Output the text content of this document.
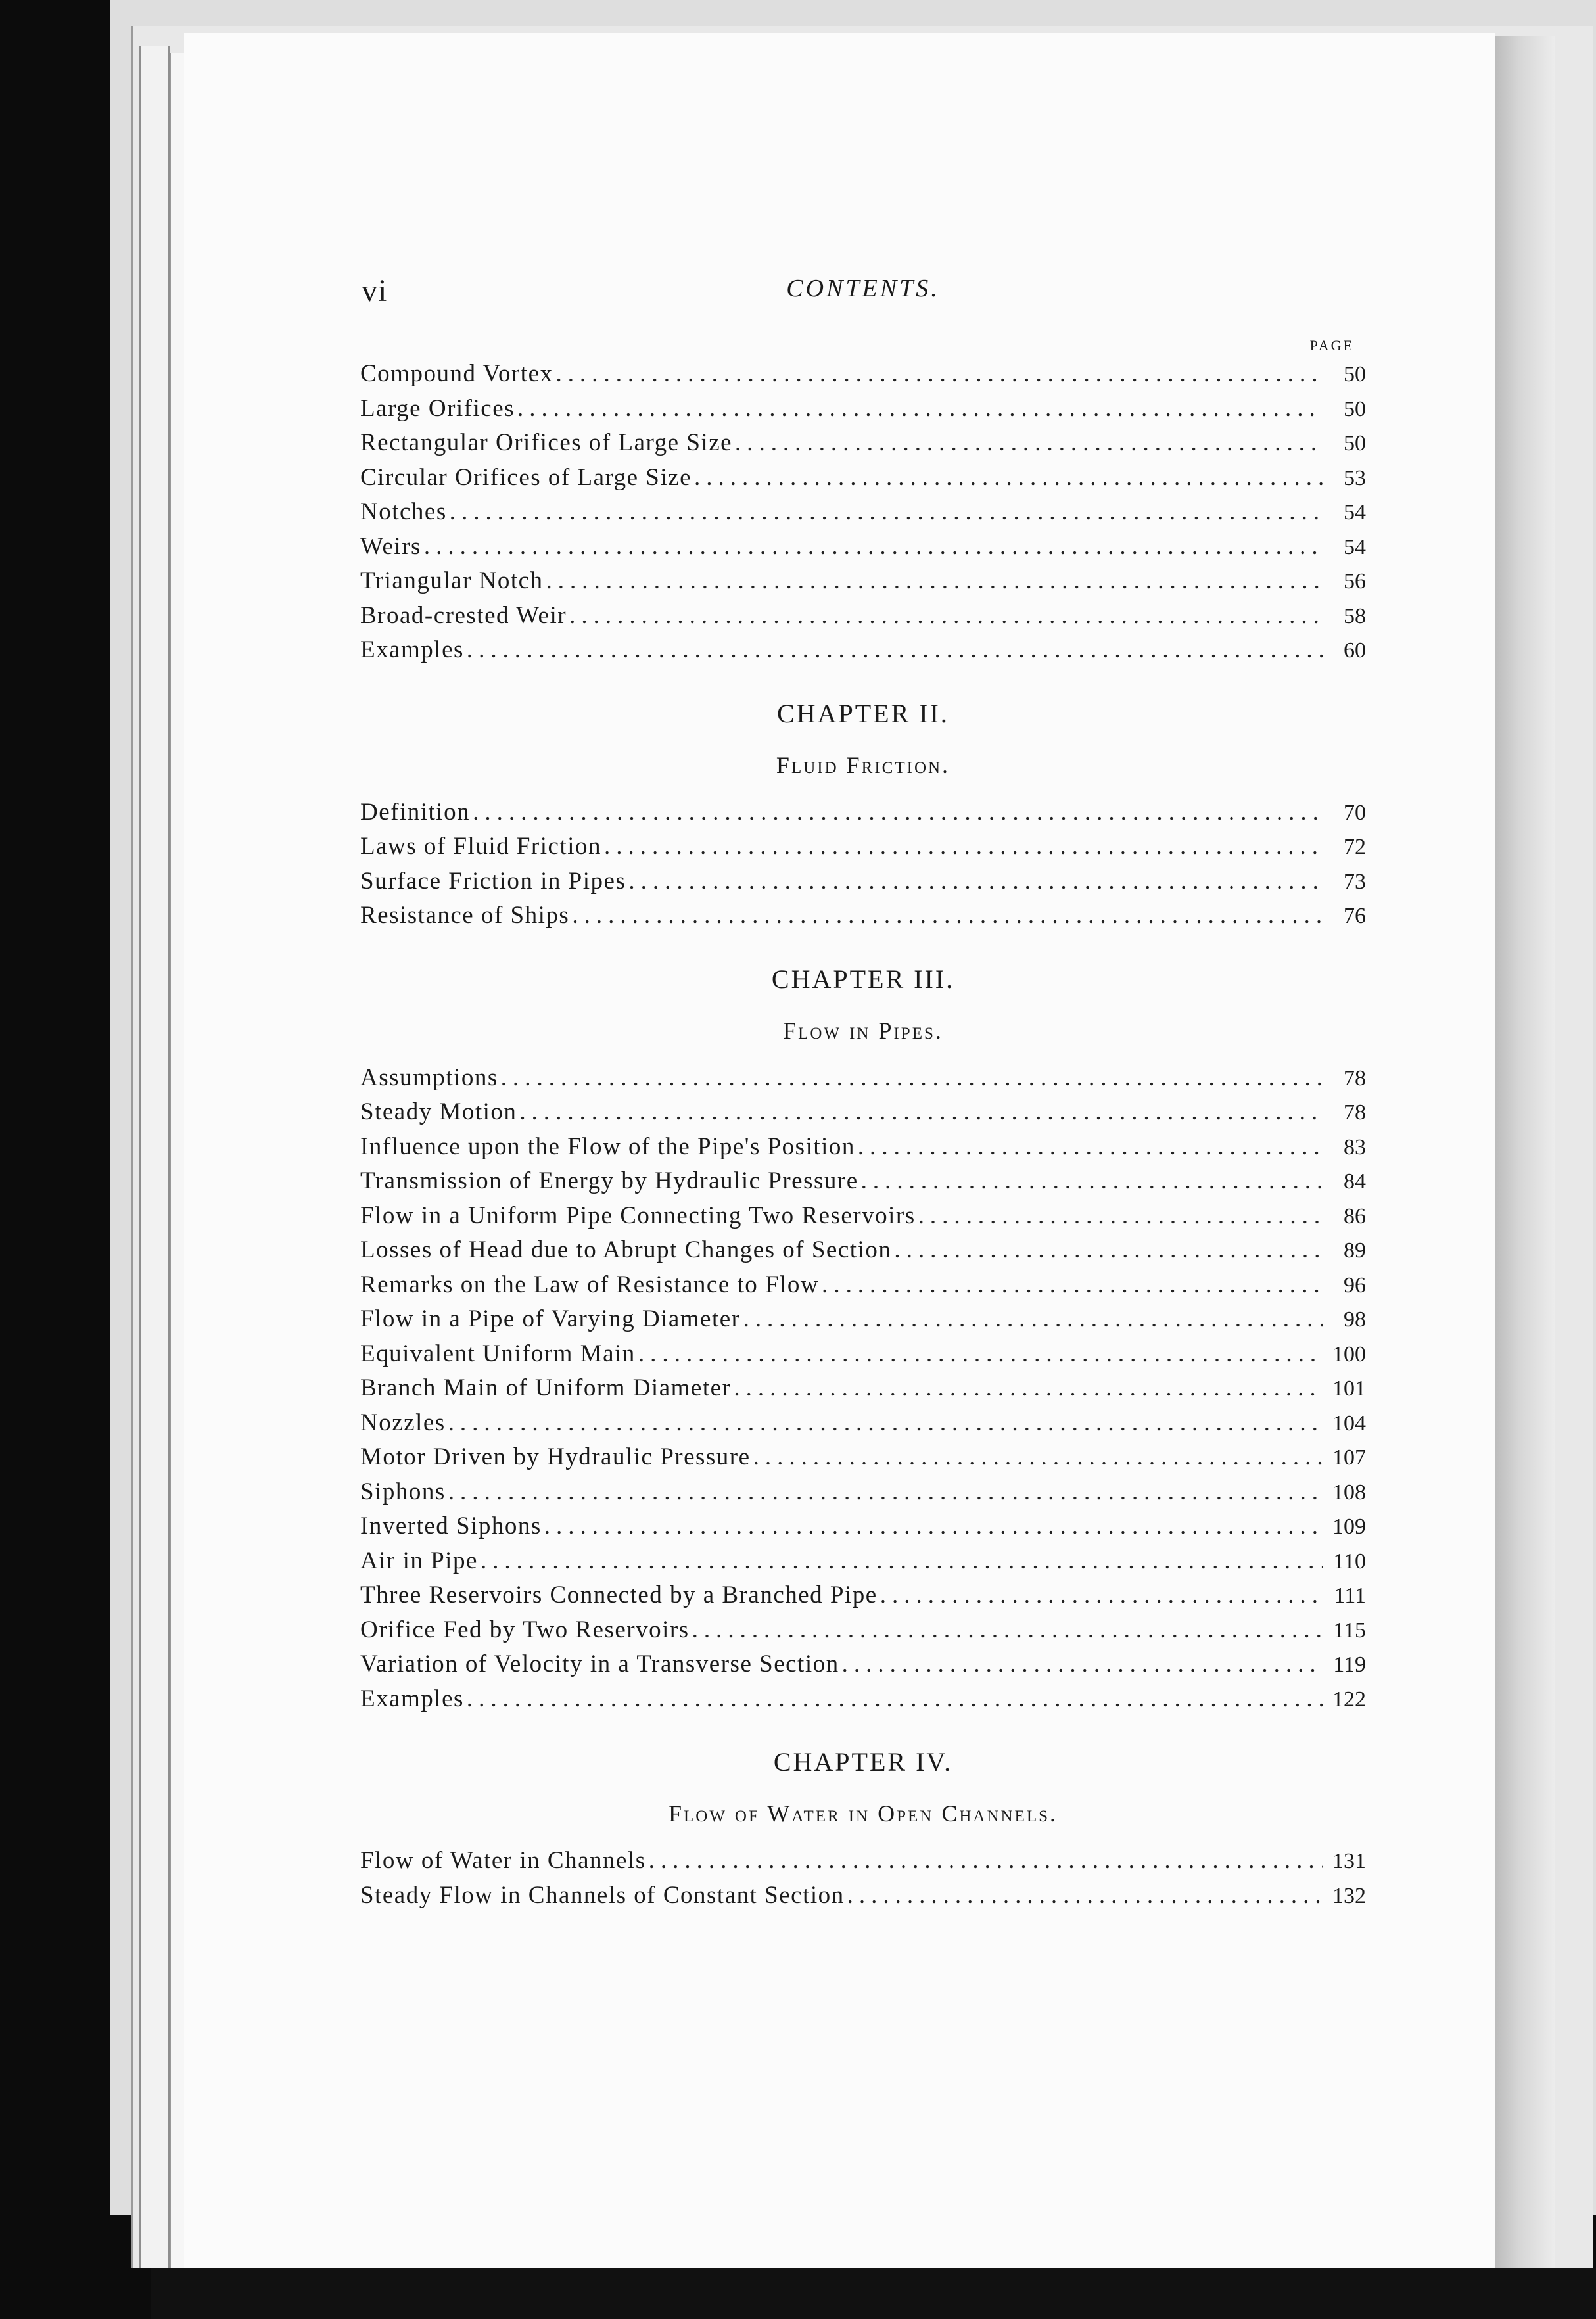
vi	CONTENTS.
PAGE
Compound Vortex .....	50
Large Orifices .....	50
Rectangular Orifices of Large Size .....	50
Circular Orifices of Large Size .....	53
Notches .....	54
Weirs .....	54
Triangular Notch .....	56
Broad-crested Weir .....	58
Examples .....	60
CHAPTER II.
Fluid Friction.
Definition .....	70
Laws of Fluid Friction .....	72
Surface Friction in Pipes .....	73
Resistance of Ships .....	76
CHAPTER III.
Flow in Pipes.
Assumptions .....	78
Steady Motion .....	78
Influence upon the Flow of the Pipe's Position .....	83
Transmission of Energy by Hydraulic Pressure .....	84
Flow in a Uniform Pipe Connecting Two Reservoirs .....	86
Losses of Head due to Abrupt Changes of Section .....	89
Remarks on the Law of Resistance to Flow .....	96
Flow in a Pipe of Varying Diameter .....	98
Equivalent Uniform Main .....	100
Branch Main of Uniform Diameter .....	101
Nozzles .....	104
Motor Driven by Hydraulic Pressure .....	107
Siphons .....	108
Inverted Siphons .....	109
Air in Pipe .....	110
Three Reservoirs Connected by a Branched Pipe .....	111
Orifice Fed by Two Reservoirs .....	115
Variation of Velocity in a Transverse Section .....	119
Examples .....	122
CHAPTER IV.
Flow of Water in Open Channels.
Flow of Water in Channels .....	131
Steady Flow in Channels of Constant Section .....	132
